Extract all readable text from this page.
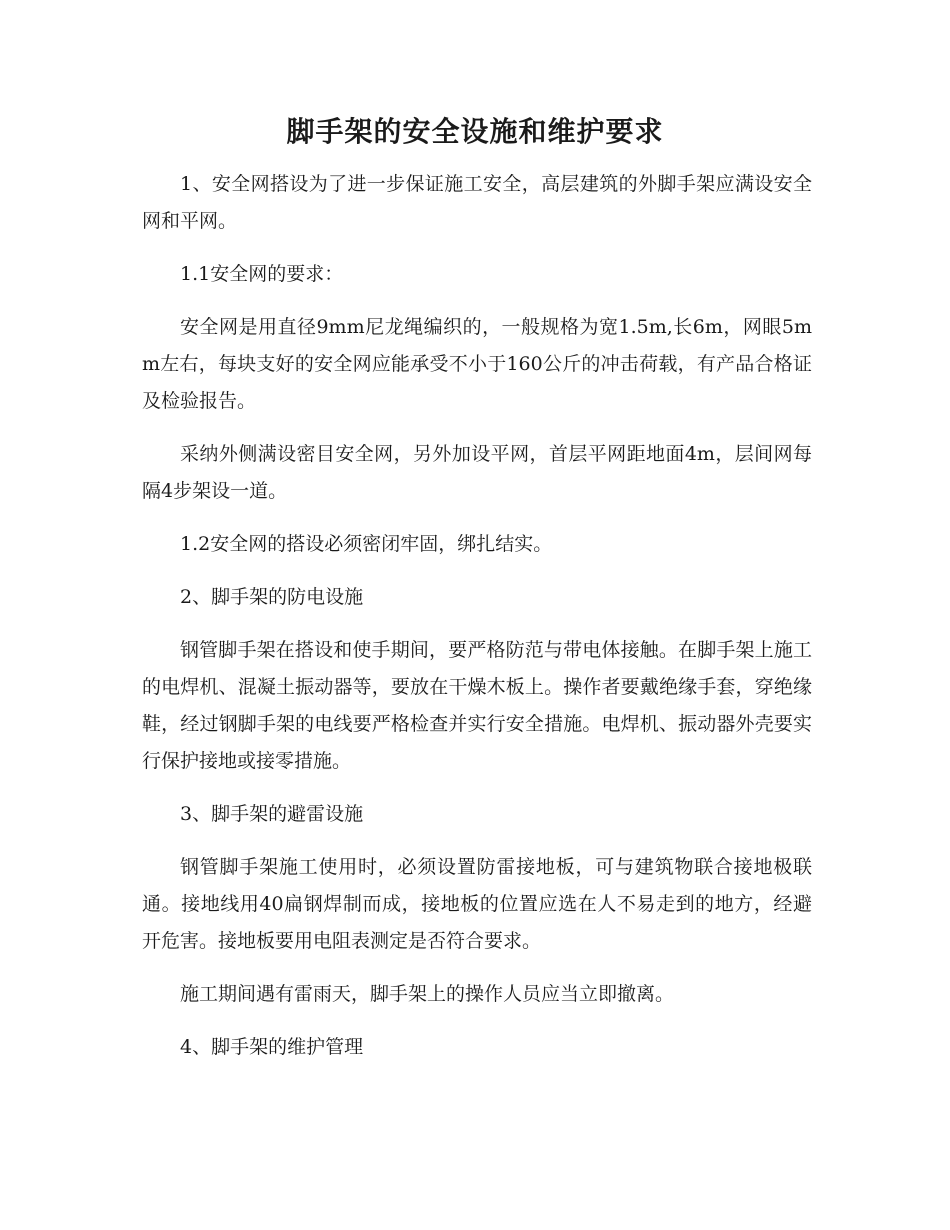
脚手架的安全设施和维护要求

1、安全网搭设为了进一步保证施工安全，高层建筑的外脚手架应满设安全网和平网。

1.1安全网的要求：

安全网是用直径9mm尼龙绳编织的，一般规格为宽1.5m,长6m，网眼5mm左右，每块支好的安全网应能承受不小于160公斤的冲击荷载，有产品合格证及检验报告。

采纳外侧满设密目安全网，另外加设平网，首层平网距地面4m，层间网每隔4步架设一道。

1.2安全网的搭设必须密闭牢固，绑扎结实。

2、脚手架的防电设施

钢管脚手架在搭设和使手期间，要严格防范与带电体接触。在脚手架上施工的电焊机、混凝土振动器等，要放在干燥木板上。操作者要戴绝缘手套，穿绝缘鞋，经过钢脚手架的电线要严格检查并实行安全措施。电焊机、振动器外壳要实行保护接地或接零措施。

3、脚手架的避雷设施

钢管脚手架施工使用时，必须设置防雷接地板，可与建筑物联合接地极联通。接地线用40扁钢焊制而成，接地板的位置应选在人不易走到的地方，经避开危害。接地板要用电阻表测定是否符合要求。

施工期间遇有雷雨天，脚手架上的操作人员应当立即撤离。

4、脚手架的维护管理
